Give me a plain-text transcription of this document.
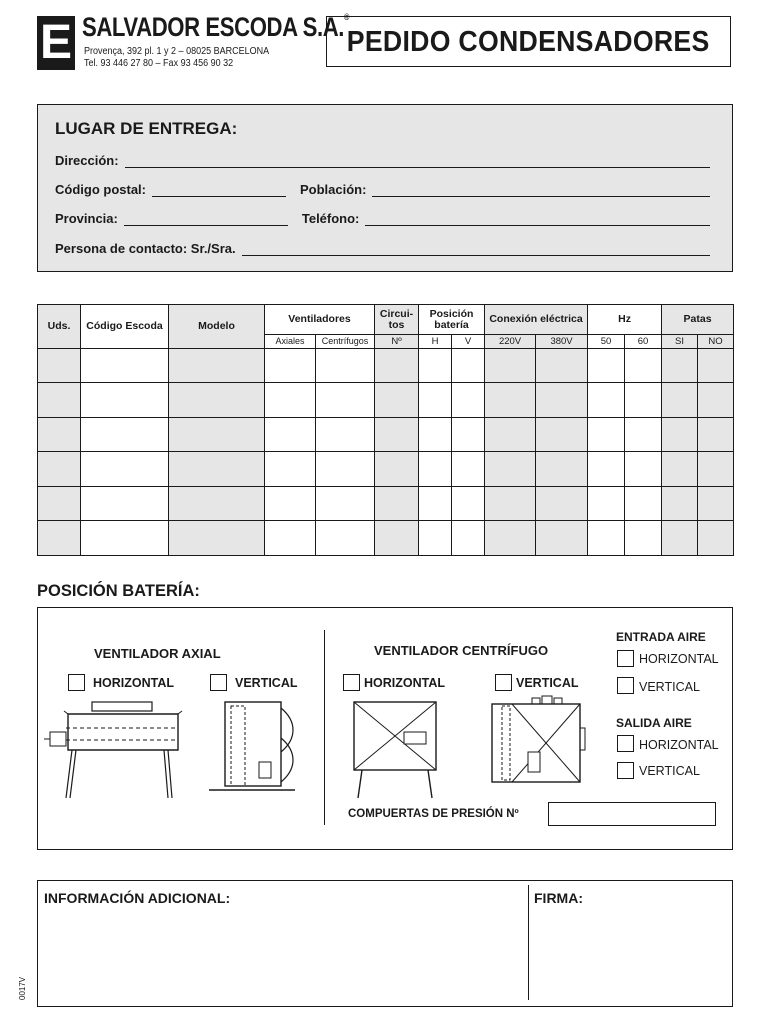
E SALVADOR ESCODA S.A.®
Provença, 392 pl. 1 y 2 – 08025 BARCELONA
Tel. 93 446 27 80 – Fax 93 456 90 32
PEDIDO CONDENSADORES
LUGAR DE ENTREGA:
Dirección:
Código postal:	Población:
Provincia:	Teléfono:
Persona de contacto: Sr./Sra.
Uds.	Código Escoda	Modelo	Ventiladores		Circui-tos	Posición batería		Conexión eléctrica		Hz		Patas	
			Axiales	Centrífugos	Nº	H	V	220V	380V	50	60	SI	NO

POSICIÓN BATERÍA:
VENTILADOR AXIAL	VENTILADOR CENTRÍFUGO
HORIZONTAL	VERTICAL	HORIZONTAL	VERTICAL
ENTRADA AIRE
HORIZONTAL
VERTICAL
SALIDA AIRE
HORIZONTAL
VERTICAL
COMPUERTAS DE PRESIÓN Nº
INFORMACIÓN ADICIONAL:	FIRMA:
0017V
